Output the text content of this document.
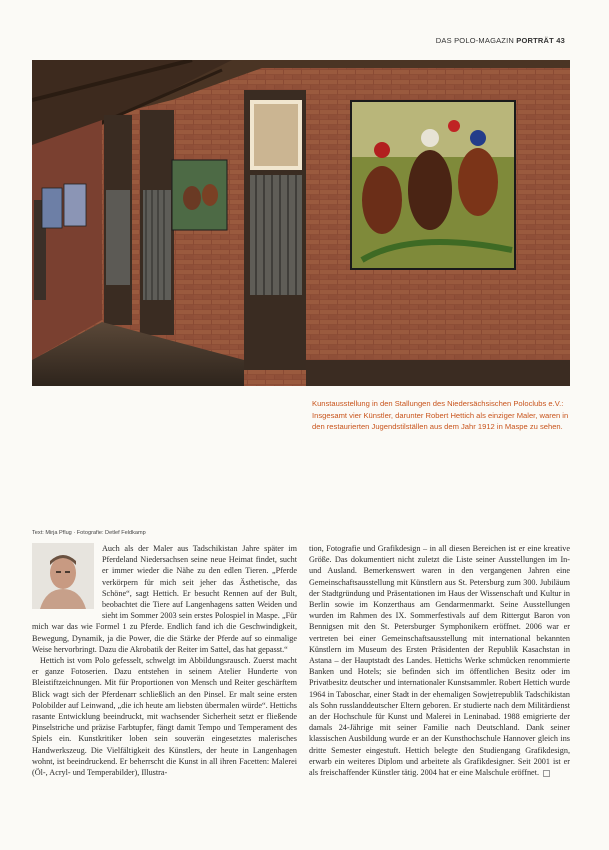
DAS POLO-MAGAZIN PORTRÄT 43
Kunstausstellung in den Stallungen des Niedersächsischen Poloclubs e.V.: Insgesamt vier Künstler, darunter Robert Hettich als einziger Maler, waren in den restaurierten Jugendstilställen aus dem Jahr 1912 in Maspe zu sehen.
Text: Mirja Pflug · Fotografie: Detlef Feldkamp

Auch als der Maler aus Tadschikistan Jahre später im Pferdeland Niedersachsen seine neue Heimat findet, sucht er immer wieder die Nähe zu den edlen Tieren. „Pferde verkörpern für mich seit jeher das Ästhetische, das Schöne“, sagt Hettich. Er besucht Rennen auf der Bult, beobachtet die Tiere auf Langenhagens satten Weiden und sieht im Sommer 2003 sein erstes Polospiel in Maspe. „Für mich war das wie Formel 1 zu Pferde. Endlich fand ich die Geschwindigkeit, Bewegung, Dynamik, ja die Power, die die Stärke der Pferde auf so einmalige Weise hervorbringt. Dazu die Akrobatik der Reiter im Sattel, das hat gepasst.“

Hettich ist vom Polo gefesselt, schwelgt im Abbildungsrausch. Zuerst macht er ganze Fotoserien. Dazu entstehen in seinem Atelier Hunderte von Bleistiftzeichnungen. Mit für Proportionen von Mensch und Reiter geschärftem Blick wagt sich der Pferdenarr schließlich an den Pinsel. Er malt seine ersten Polobilder auf Leinwand, „die ich heute am liebsten übermalen würde“. Hettichs rasante Entwicklung beeindruckt, mit wachsender Sicherheit setzt er fließende Pinselstriche und präzise Farbtupfer, fängt damit Tempo und Temperament des Spiels ein. Kunstkritiker loben sein souverän eingesetztes malerisches Handwerkszeug. Die Vielfältigkeit des Künstlers, der heute in Langenhagen wohnt, ist beeindruckend. Er beherrscht die Kunst in all ihren Facetten: Malerei (Öl-, Acryl- und Temperabilder), Illustra-

tion, Fotografie und Grafikdesign – in all diesen Bereichen ist er eine kreative Größe. Das dokumentiert nicht zuletzt die Liste seiner Ausstellungen im In- und Ausland. Bemerkenswert waren in den vergangenen Jahren eine Gemeinschaftsausstellung mit Künstlern aus St. Petersburg zum 300. Jubiläum der Stadtgründung und Präsentationen im Haus der Wissenschaft und Kultur in Berlin sowie im Konzerthaus am Gendarmenmarkt. Seine Ausstellungen wurden im Rahmen des IX. Sommerfestivals auf dem Rittergut Baron von Bennigsen mit den St. Petersburger Symphonikern eröffnet. 2006 war er vertreten bei einer Gemeinschaftsausstellung mit international bekannten Künstlern im Museum des Ersten Präsidenten der Republik Kasachstan in Astana – der Hauptstadt des Landes. Hettichs Werke schmücken renommierte Banken und Hotels; sie befinden sich im öffentlichen Besitz oder im Privatbesitz deutscher und internationaler Kunstsammler. Robert Hettich wurde 1964 in Taboschar, einer Stadt in der ehemaligen Sowjetrepublik Tadschikistan als Sohn russlanddeutscher Eltern geboren. Er studierte nach dem Militärdienst an der Hochschule für Kunst und Malerei in Leninabad. 1988 emigrierte der damals 24-Jährige mit seiner Familie nach Deutschland. Dank seiner klassischen Ausbildung wurde er an der Kunsthochschule Hannover gleich ins dritte Semester eingestuft. Hettich belegte den Studiengang Grafikdesign, erwarb ein weiteres Diplom und arbeitete als Grafikdesigner. Seit 2001 ist er als freischaffender Künstler tätig. 2004 hat er eine Malschule eröffnet.
